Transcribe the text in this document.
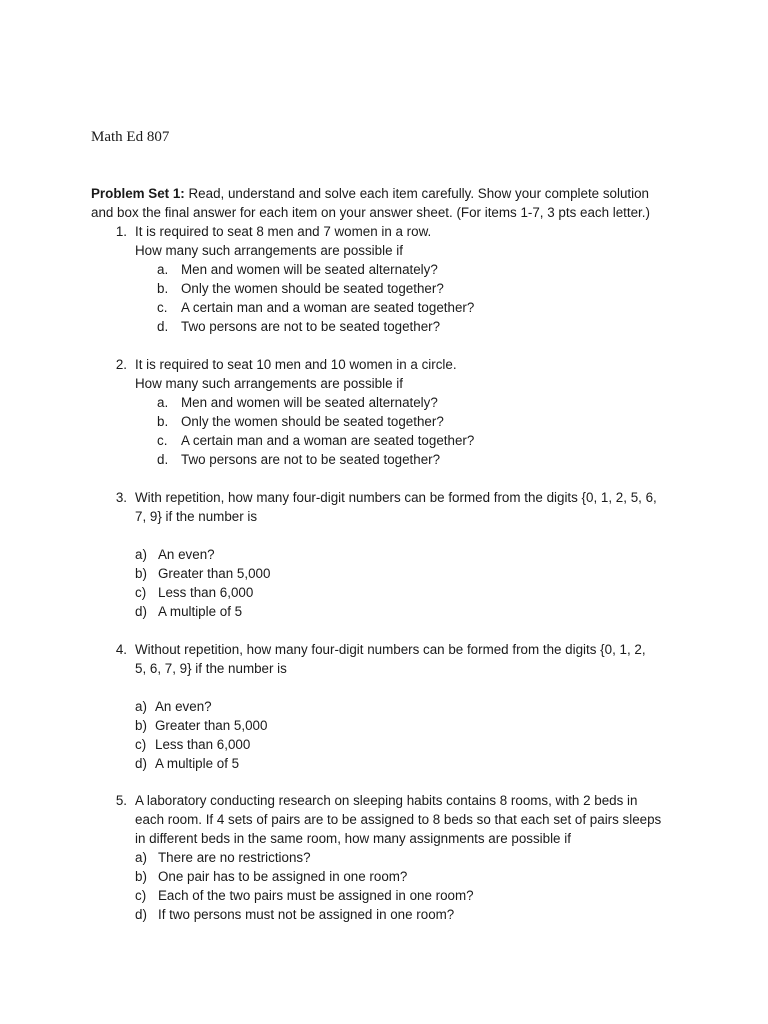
Math Ed 807
Problem Set 1: Read, understand and solve each item carefully. Show your complete solution
and box the final answer for each item on your answer sheet. (For items 1-7, 3 pts each letter.)
1. It is required to seat 8 men and 7 women in a row.
How many such arrangements are possible if
a. Men and women will be seated alternately?
b. Only the women should be seated together?
c. A certain man and a woman are seated together?
d. Two persons are not to be seated together?
2. It is required to seat 10 men and 10 women in a circle.
How many such arrangements are possible if
a. Men and women will be seated alternately?
b. Only the women should be seated together?
c. A certain man and a woman are seated together?
d. Two persons are not to be seated together?
3. With repetition, how many four-digit numbers can be formed from the digits {0, 1, 2, 5, 6,
7, 9} if the number is
a) An even?
b) Greater than 5,000
c) Less than 6,000
d) A multiple of 5
4. Without repetition, how many four-digit numbers can be formed from the digits {0, 1, 2,
5, 6, 7, 9} if the number is
a) An even?
b) Greater than 5,000
c) Less than 6,000
d) A multiple of 5
5. A laboratory conducting research on sleeping habits contains 8 rooms, with 2 beds in
each room. If 4 sets of pairs are to be assigned to 8 beds so that each set of pairs sleeps
in different beds in the same room, how many assignments are possible if
a) There are no restrictions?
b) One pair has to be assigned in one room?
c) Each of the two pairs must be assigned in one room?
d) If two persons must not be assigned in one room?
